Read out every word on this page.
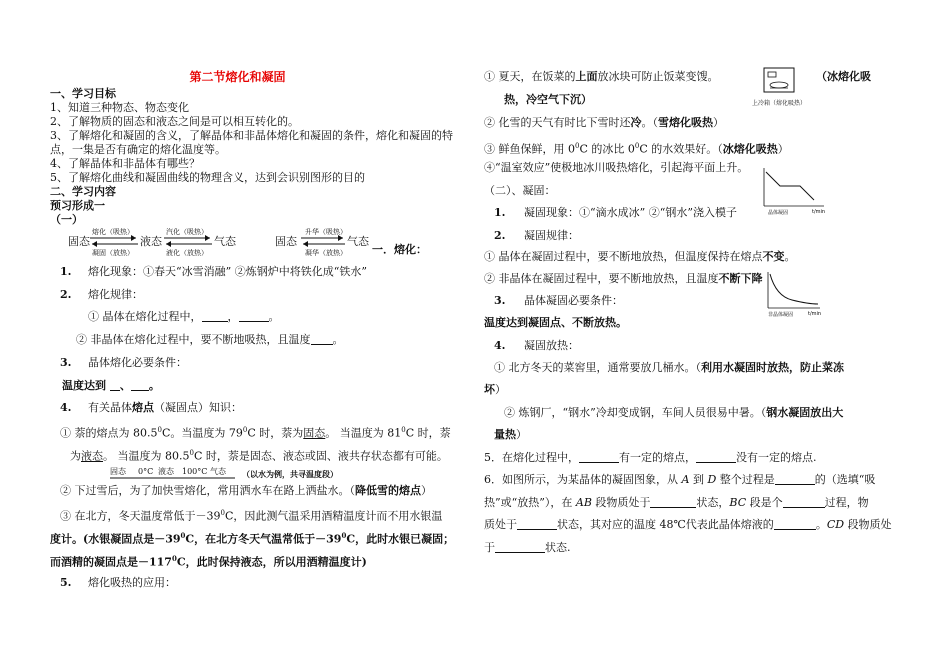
第二节熔化和凝固
一、学习目标
1、知道三种物态、物态变化
2、了解物质的固态和液态之间是可以相互转化的。
3、了解熔化和凝固的含义，了解晶体和非晶体熔化和凝固的条件，熔化和凝固的特
点，一集是否有确定的熔化温度等。
4、了解晶体和非晶体有哪些？
5、了解熔化曲线和凝固曲线的物理含义，达到会识别图形的目的
二、学习内容
预习形成一
（一）
固态
熔化（吸热）
凝固（放热）
液态
汽化（吸热）
液化（放热）
气态	固态
升华（吸热）
凝华（放热）
气态
一．熔化：
1. 熔化现象：①春天“冰雪消融” ②炼钢炉中将铁化成“铁水”
2. 熔化规律：
① 晶体在熔化过程中， ，	。
② 非晶体在熔化过程中，要不断地吸热，且温度 。
3. 晶体熔化必要条件：
温度达到 、 。
4. 有关晶体熔点（凝固点）知识：
① 萘的熔点为 80.5$^0$C。当温度为 $79^0C$ 时，萘为固态。 当温度为 $81^0C$ 时，萘
为液态。 当温度为 80.5$^0$C 时，萘是固态、液态或固、液共存状态都有可能。
固态 0°C 液态 100°C 气态 （以水为例，共寻温度段）
② 下过雪后，为了加快雪熔化，常用洒水车在路上洒盐水。（降低雪的熔点）
③ 在北方，冬天温度常低于$-39^0C$，因此测气温采用酒精温度计而不用水银温
度计。(水银凝固点是$-39^0C$，在北方冬天气温常低于$-39^0C$，此时水银已凝固；
而酒精的凝固点是$-117^0C$，此时保持液态，所以用酒精温度计)
5. 熔化吸热的应用：
① 夏天，在饭菜的上面放冰块可防止饭菜变馊。
上冷箱（熔化吸热）
（冰熔化吸
热，冷空气下沉）
② 化雪的天气有时比下雪时还冷。（雪熔化吸热）
③ 鲜鱼保鲜，用 $0^0C$ 的冰比 $0^0C$ 的水效果好。（冰熔化吸热）
④“温室效应”使极地冰川吸热熔化，引起海平面上升。
晶体凝固	t/min
（二）、凝固：
1. 凝固现象：①“滴水成冰” ②“钢水”浇入模子
2. 凝固规律：
① 晶体在凝固过程中，要不断地放热，但温度保持在熔点不变。
② 非晶体在凝固过程中，要不断地放热，且温度不断下降
非晶体凝固	t/min
3. 晶体凝固必要条件：
温度达到凝固点、不断放热。
4. 凝固放热：
① 北方冬天的菜窖里，通常要放几桶水。（利用水凝固时放热，防止菜冻
坏）
② 炼钢厂，“钢水”冷却变成钢，车间人员很易中暑。（钢水凝固放出大
量热）
5．在熔化过程中，	有一定的熔点，	没有一定的熔点.
6．如图所示，为某晶体的凝固图象，从 A 到 D 整个过程是	的（选填“吸
热”或“放热”），在 AB 段物质处于	状态，BC 段是个	过程，物
质处于	状态，其对应的温度 48℃代表此晶体熔液的	。CD 段物质处
于	状态.
